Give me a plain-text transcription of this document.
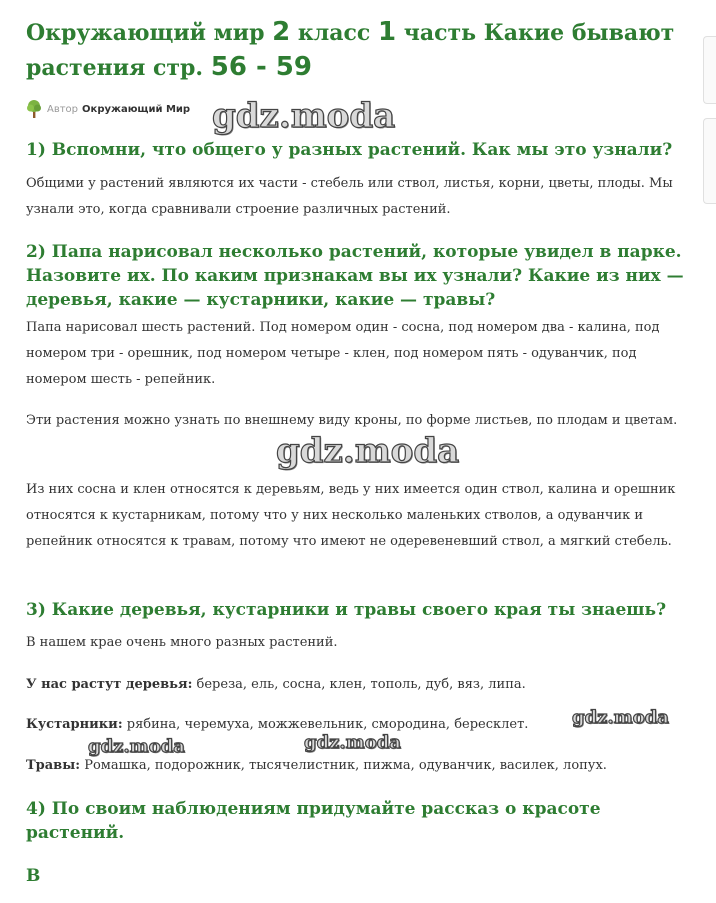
Окружающий мир 2 класс 1 часть Какие бывают растения стр. 56 - 59
Автор Окружающий Мир
1) Вспомни, что общего у разных растений. Как мы это узнали?

Общими у растений являются их части - стебель или ствол, листья, корни, цветы, плоды. Мы узнали это, когда сравнивали строение различных растений.

2) Папа нарисовал несколько растений, которые увидел в парке. Назовите их. По каким признакам вы их узнали? Какие из них — деревья, какие — кустарники, какие — травы?

Папа нарисовал шесть растений. Под номером один - сосна, под номером два - калина, под номером три - орешник, под номером четыре - клен, под номером пять - одуванчик, под номером шесть - репейник.

Эти растения можно узнать по внешнему виду кроны, по форме листьев, по плодам и цветам.

Из них сосна и клен относятся к деревьям, ведь у них имеется один ствол, калина и орешник относятся к кустарникам, потому что у них несколько маленьких стволов, а одуванчик и репейник относятся к травам, потому что имеют не одеревеневший ствол, а мягкий стебель.

3) Какие деревья, кустарники и травы своего края ты знаешь?

В нашем крае очень много разных растений.

У нас растут деревья: береза, ель, сосна, клен, тополь, дуб, вяз, липа.

Кустарники: рябина, черемуха, можжевельник, смородина, бересклет.

Травы: Ромашка, подорожник, тысячелистник, пижма, одуванчик, василек, лопух.

4) По своим наблюдениям придумайте рассказ о красоте растений.
В
gdz.moda
gdz.moda
gdz.moda
gdz.moda	gdz.moda
